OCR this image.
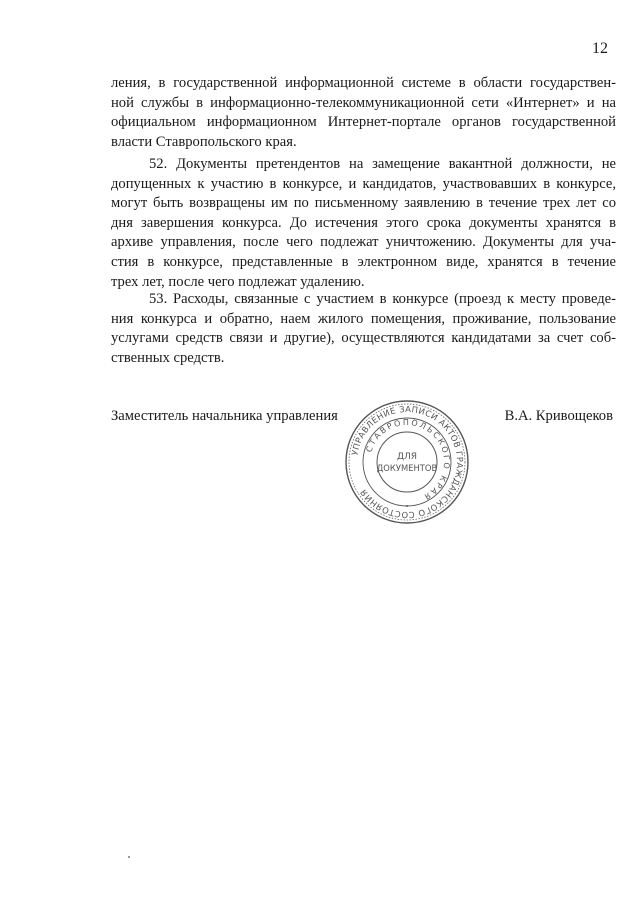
12
ления, в государственной информационной системе в области государствен-
ной службы в информационно-телекоммуникационной сети «Интернет» и на
официальном информационном Интернет-портале органов государственной
власти Ставропольского края.
52. Документы претендентов на замещение вакантной должности, не
допущенных к участию в конкурсе, и кандидатов, участвовавших в конкурсе,
могут быть возвращены им по письменному заявлению в течение трех лет со
дня завершения конкурса. До истечения этого срока документы хранятся в
архиве управления, после чего подлежат уничтожению. Документы для уча-
стия в конкурсе, представленные в электронном виде, хранятся в течение
трех лет, после чего подлежат удалению.
53. Расходы, связанные с участием в конкурсе (проезд к месту проведе-
ния конкурса и обратно, наем жилого помещения, проживание, пользование
услугами средств связи и другие), осуществляются кандидатами за счет соб-
ственных средств.
Заместитель начальника управления
УПРАВЛЕНИЕ ЗАПИСИ АКТОВ ГРАЖДАНСКОГО СОСТОЯНИЯ
СТАВРОПОЛЬСКОГО КРАЯ
ДЛЯ
ДОКУМЕНТОВ
В.А. Кривощеков
